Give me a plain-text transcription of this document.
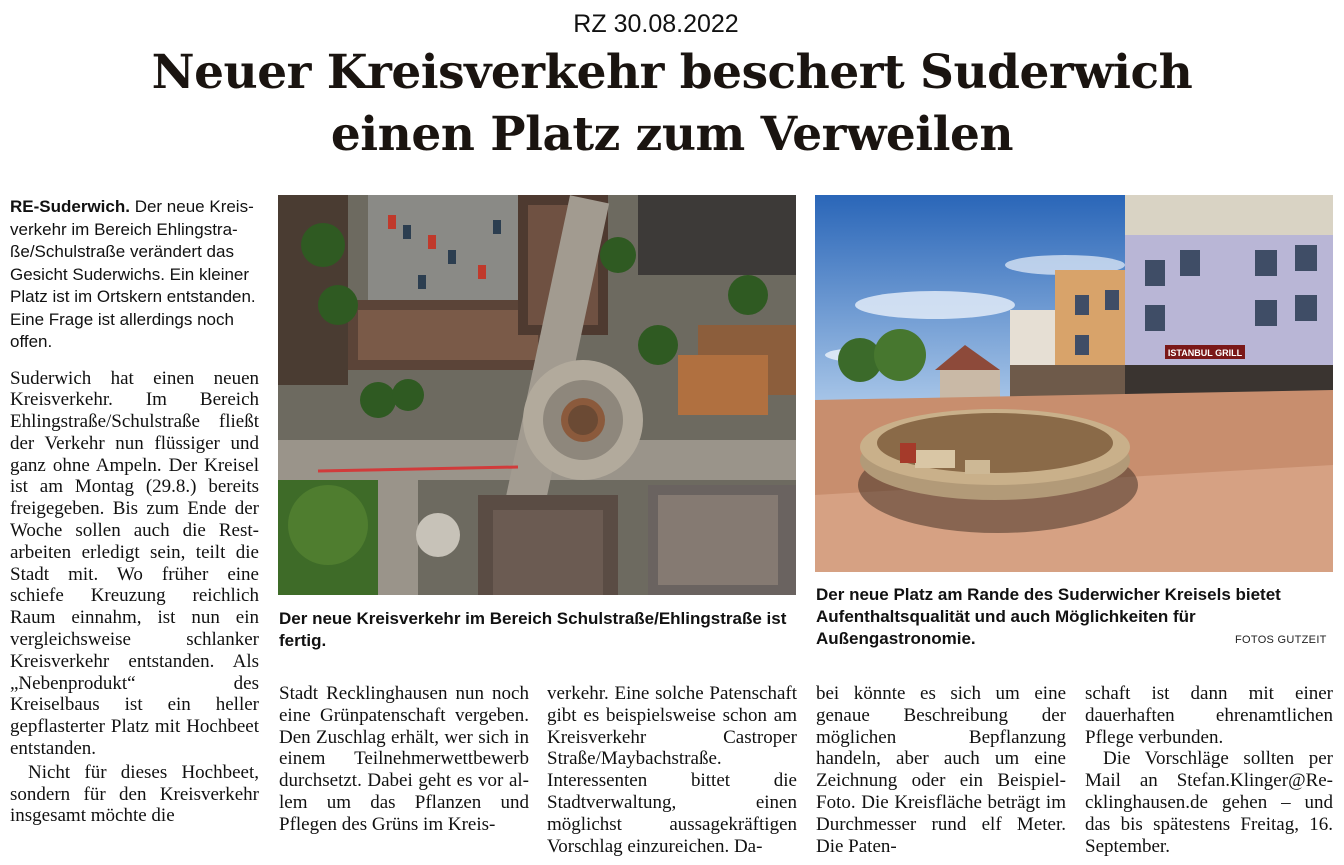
RZ 30.08.2022
Neuer Kreisverkehr beschert Suderwich
einen Platz zum Verweilen

RE-Suderwich. Der neue Kreisverkehr im Bereich Ehlingstraße/Schulstraße verändert das Gesicht Suderwichs. Ein kleiner Platz ist im Ortskern entstanden. Eine Frage ist allerdings noch offen.

Suderwich hat einen neuen Kreisverkehr. Im Bereich Ehlingstraße/Schulstraße fließt der Verkehr nun flüssiger und ganz ohne Ampeln. Der Kreisel ist am Montag (29.8.) bereits freigegeben. Bis zum Ende der Woche sollen auch die Restarbeiten erledigt sein, teilt die Stadt mit. Wo früher eine schiefe Kreuzung reichlich Raum einnahm, ist nun ein vergleichsweise schlanker Kreisverkehr entstanden. Als „Nebenprodukt“ des Kreiselbaus ist ein heller gepflasterter Platz mit Hochbeet entstanden.

Nicht für dieses Hochbeet, sondern für den Kreisverkehr insgesamt möchte die

ISTANBUL GRILL
Der neue Kreisverkehr im Bereich Schulstraße/Ehlingstraße ist fertig.
Der neue Platz am Rande des Suderwicher Kreisels bietet Aufenthaltsqualität und auch Möglichkeiten für Außengastronomie.	FOTOS GUTZEIT

Stadt Recklinghausen nun noch eine Grünpatenschaft vergeben. Den Zuschlag erhält, wer sich in einem Teilnehmerwettbewerb durchsetzt. Dabei geht es vor allem um das Pflanzen und Pflegen des Grüns im Kreis-

verkehr. Eine solche Patenschaft gibt es beispielsweise schon am Kreisverkehr Castroper Straße/Maybachstraße. Interessenten bittet die Stadtverwaltung, einen möglichst aussagekräftigen Vorschlag einzureichen. Da-

bei könnte es sich um eine genaue Beschreibung der möglichen Bepflanzung handeln, aber auch um eine Zeichnung oder ein Beispiel-Foto. Die Kreisfläche beträgt im Durchmesser rund elf Meter. Die Paten-

schaft ist dann mit einer dauerhaften ehrenamtlichen Pflege verbunden.

Die Vorschläge sollten per Mail an Stefan.Klinger@Recklinghausen.de gehen – und das bis spätestens Freitag, 16. September.
